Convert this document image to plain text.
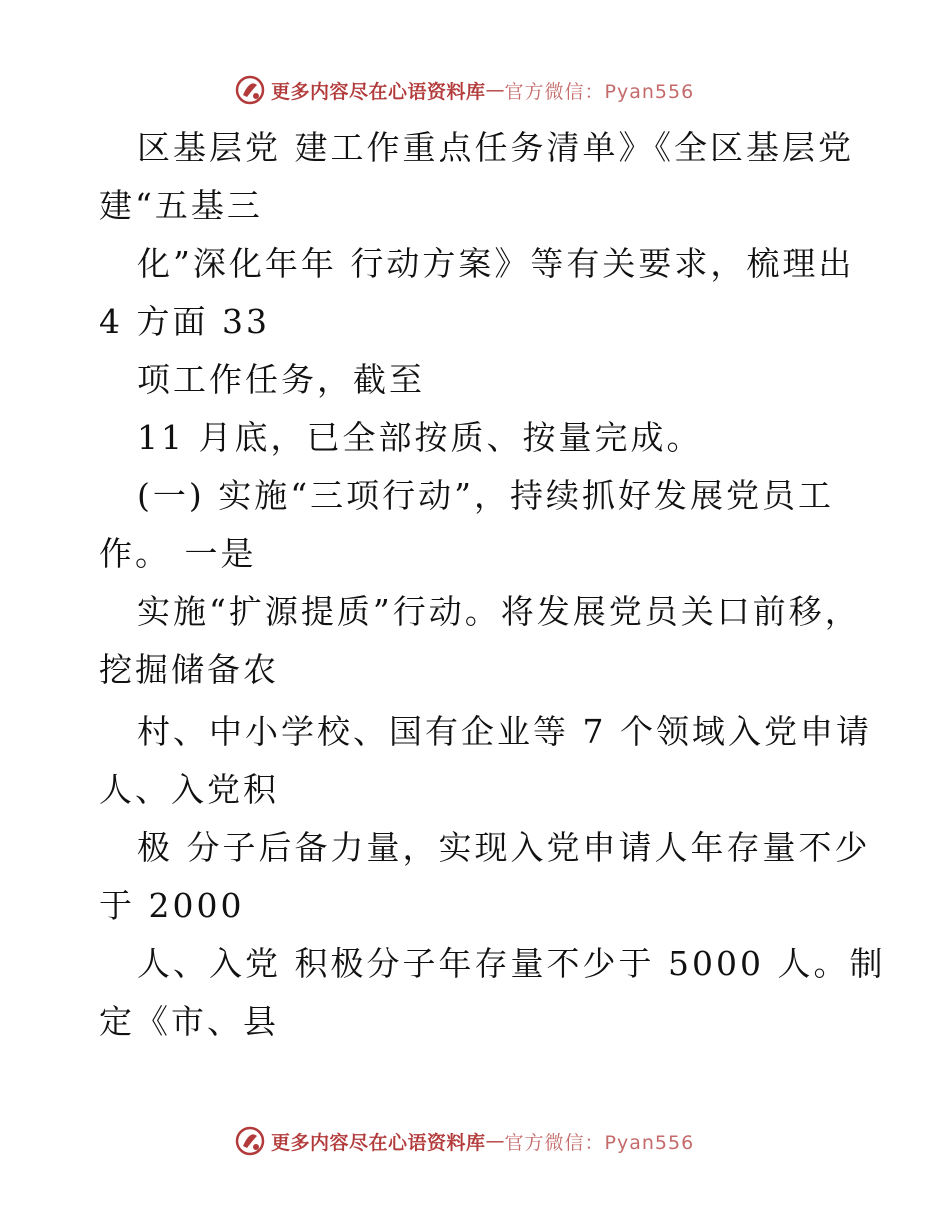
更多内容尽在心语资料库 — 官方微信：Pyan556
区基层党 建工作重点任务清单》《全区基层党
建“五基三
化”深化年年 行动方案》等有关要求，梳理出
4 方面 33
项工作任务，截至
11 月底，已全部按质、按量完成。
(一) 实施“三项行动”，持续抓好发展党员工
作。 一是
实施“扩源提质”行动。将发展党员关口前移，
挖掘储备农
村、中小学校、国有企业等 7 个领域入党申请
人、入党积
极 分子后备力量，实现入党申请人年存量不少
于 2000
人、入党 积极分子年存量不少于 5000 人。制
定《市、县
更多内容尽在心语资料库 — 官方微信：Pyan556
